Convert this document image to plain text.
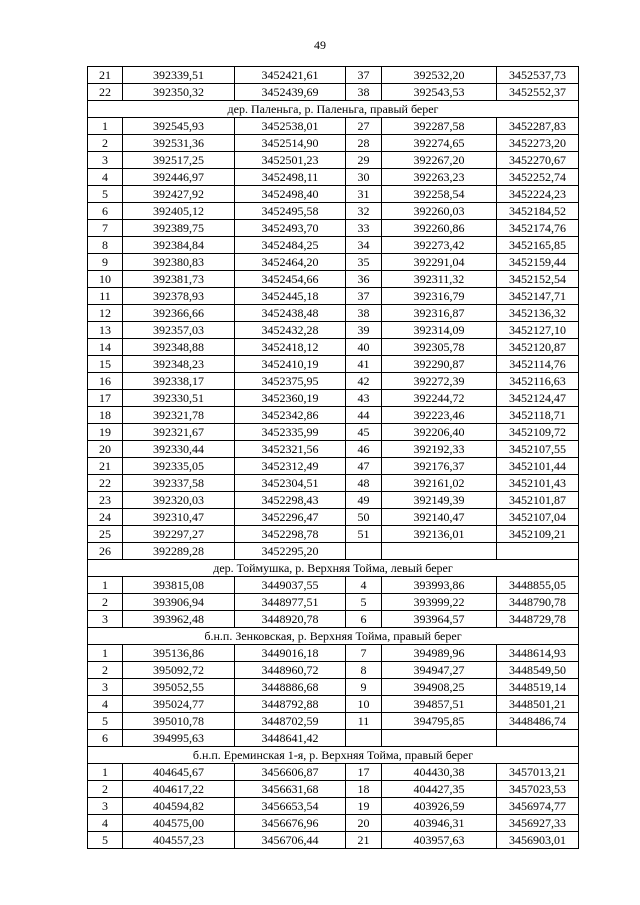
49
21	392339,51	3452421,61	37	392532,20	3452537,73
22	392350,32	3452439,69	38	392543,53	3452552,37
дер. Паленьга, р. Паленьга, правый берег					
1	392545,93	3452538,01	27	392287,58	3452287,83
2	392531,36	3452514,90	28	392274,65	3452273,20
3	392517,25	3452501,23	29	392267,20	3452270,67
4	392446,97	3452498,11	30	392263,23	3452252,74
5	392427,92	3452498,40	31	392258,54	3452224,23
6	392405,12	3452495,58	32	392260,03	3452184,52
7	392389,75	3452493,70	33	392260,86	3452174,76
8	392384,84	3452484,25	34	392273,42	3452165,85
9	392380,83	3452464,20	35	392291,04	3452159,44
10	392381,73	3452454,66	36	392311,32	3452152,54
11	392378,93	3452445,18	37	392316,79	3452147,71
12	392366,66	3452438,48	38	392316,87	3452136,32
13	392357,03	3452432,28	39	392314,09	3452127,10
14	392348,88	3452418,12	40	392305,78	3452120,87
15	392348,23	3452410,19	41	392290,87	3452114,76
16	392338,17	3452375,95	42	392272,39	3452116,63
17	392330,51	3452360,19	43	392244,72	3452124,47
18	392321,78	3452342,86	44	392223,46	3452118,71
19	392321,67	3452335,99	45	392206,40	3452109,72
20	392330,44	3452321,56	46	392192,33	3452107,55
21	392335,05	3452312,49	47	392176,37	3452101,44
22	392337,58	3452304,51	48	392161,02	3452101,43
23	392320,03	3452298,43	49	392149,39	3452101,87
24	392310,47	3452296,47	50	392140,47	3452107,04
25	392297,27	3452298,78	51	392136,01	3452109,21
26	392289,28	3452295,20			
дер. Тоймушка, р. Верхняя Тойма, левый берег					
1	393815,08	3449037,55	4	393993,86	3448855,05
2	393906,94	3448977,51	5	393999,22	3448790,78
3	393962,48	3448920,78	6	393964,57	3448729,78
б.н.п. Зенковская, р. Верхняя Тойма, правый берег					
1	395136,86	3449016,18	7	394989,96	3448614,93
2	395092,72	3448960,72	8	394947,27	3448549,50
3	395052,55	3448886,68	9	394908,25	3448519,14
4	395024,77	3448792,88	10	394857,51	3448501,21
5	395010,78	3448702,59	11	394795,85	3448486,74
6	394995,63	3448641,42			
б.н.п. Ереминская 1-я, р. Верхняя Тойма, правый берег					
1	404645,67	3456606,87	17	404430,38	3457013,21
2	404617,22	3456631,68	18	404427,35	3457023,53
3	404594,82	3456653,54	19	403926,59	3456974,77
4	404575,00	3456676,96	20	403946,31	3456927,33
5	404557,23	3456706,44	21	403957,63	3456903,01
